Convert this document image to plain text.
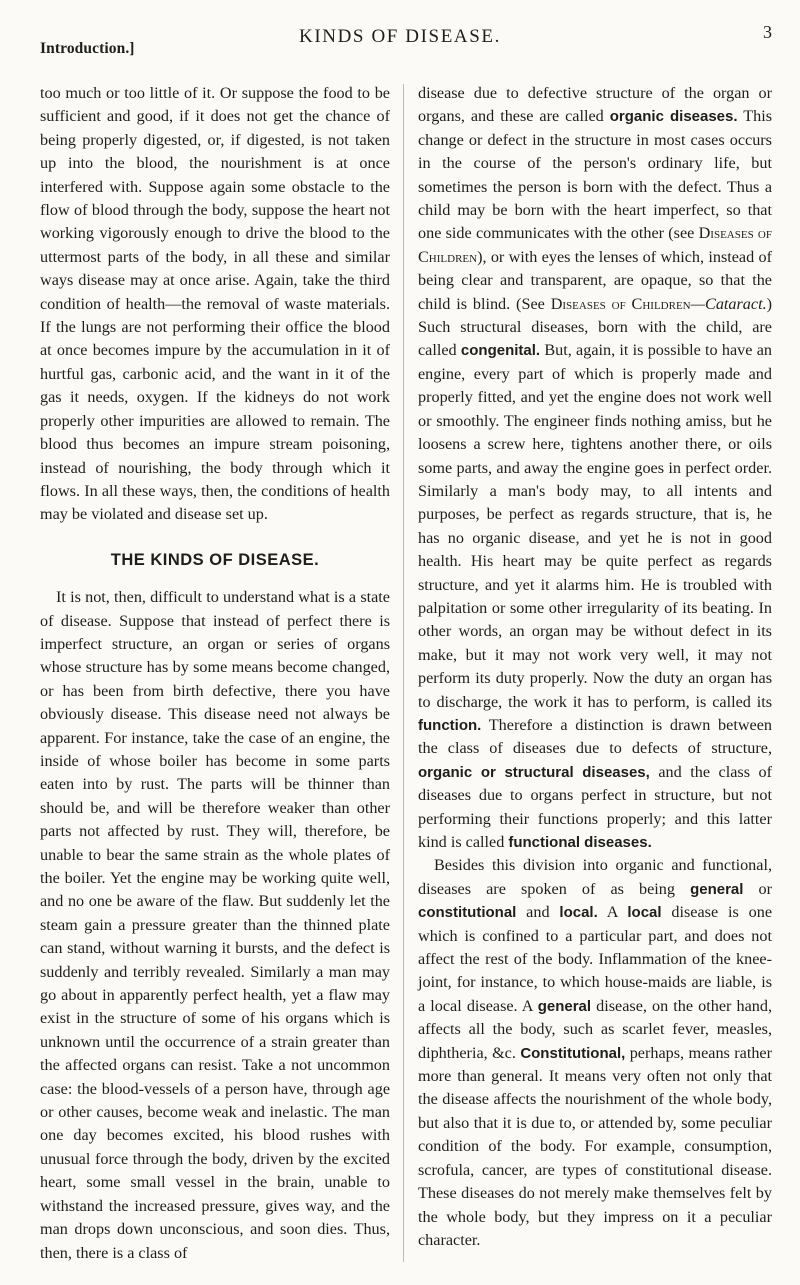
Introduction.]
KINDS OF DISEASE.	3

too much or too little of it. Or suppose the food to be sufficient and good, if it does not get the chance of being properly digested, or, if digested, is not taken up into the blood, the nourishment is at once interfered with. Suppose again some obstacle to the flow of blood through the body, suppose the heart not working vigorously enough to drive the blood to the uttermost parts of the body, in all these and similar ways disease may at once arise. Again, take the third condition of health—the removal of waste materials. If the lungs are not performing their office the blood at once becomes impure by the accumulation in it of hurtful gas, carbonic acid, and the want in it of the gas it needs, oxygen. If the kidneys do not work properly other impurities are allowed to remain. The blood thus becomes an impure stream poisoning, instead of nourishing, the body through which it flows. In all these ways, then, the conditions of health may be violated and disease set up.

THE KINDS OF DISEASE.

It is not, then, difficult to understand what is a state of disease. Suppose that instead of perfect there is imperfect structure, an organ or series of organs whose structure has by some means become changed, or has been from birth defective, there you have obviously disease. This disease need not always be apparent. For instance, take the case of an engine, the inside of whose boiler has become in some parts eaten into by rust. The parts will be thinner than should be, and will be therefore weaker than other parts not affected by rust. They will, therefore, be unable to bear the same strain as the whole plates of the boiler. Yet the engine may be working quite well, and no one be aware of the flaw. But suddenly let the steam gain a pressure greater than the thinned plate can stand, without warning it bursts, and the defect is suddenly and terribly revealed. Similarly a man may go about in apparently perfect health, yet a flaw may exist in the structure of some of his organs which is unknown until the occurrence of a strain greater than the affected organs can resist. Take a not uncommon case: the blood-vessels of a person have, through age or other causes, become weak and inelastic. The man one day becomes excited, his blood rushes with unusual force through the body, driven by the excited heart, some small vessel in the brain, unable to withstand the increased pressure, gives way, and the man drops down unconscious, and soon dies. Thus, then, there is a class of

disease due to defective structure of the organ or organs, and these are called organic diseases. This change or defect in the structure in most cases occurs in the course of the person's ordinary life, but sometimes the person is born with the defect. Thus a child may be born with the heart imperfect, so that one side communicates with the other (see Diseases of Children), or with eyes the lenses of which, instead of being clear and transparent, are opaque, so that the child is blind. (See Diseases of Children—Cataract.) Such structural diseases, born with the child, are called congenital. But, again, it is possible to have an engine, every part of which is properly made and properly fitted, and yet the engine does not work well or smoothly. The engineer finds nothing amiss, but he loosens a screw here, tightens another there, or oils some parts, and away the engine goes in perfect order. Similarly a man's body may, to all intents and purposes, be perfect as regards structure, that is, he has no organic disease, and yet he is not in good health. His heart may be quite perfect as regards structure, and yet it alarms him. He is troubled with palpitation or some other irregularity of its beating. In other words, an organ may be without defect in its make, but it may not work very well, it may not perform its duty properly. Now the duty an organ has to discharge, the work it has to perform, is called its function. Therefore a distinction is drawn between the class of diseases due to defects of structure, organic or structural diseases, and the class of diseases due to organs perfect in structure, but not performing their functions properly; and this latter kind is called functional diseases.

Besides this division into organic and functional, diseases are spoken of as being general or constitutional and local. A local disease is one which is confined to a particular part, and does not affect the rest of the body. Inflammation of the knee-joint, for instance, to which house-maids are liable, is a local disease. A general disease, on the other hand, affects all the body, such as scarlet fever, measles, diphtheria, &c. Constitutional, perhaps, means rather more than general. It means very often not only that the disease affects the nourishment of the whole body, but also that it is due to, or attended by, some peculiar condition of the body. For example, consumption, scrofula, cancer, are types of constitutional disease. These diseases do not merely make themselves felt by the whole body, but they impress on it a peculiar character.
